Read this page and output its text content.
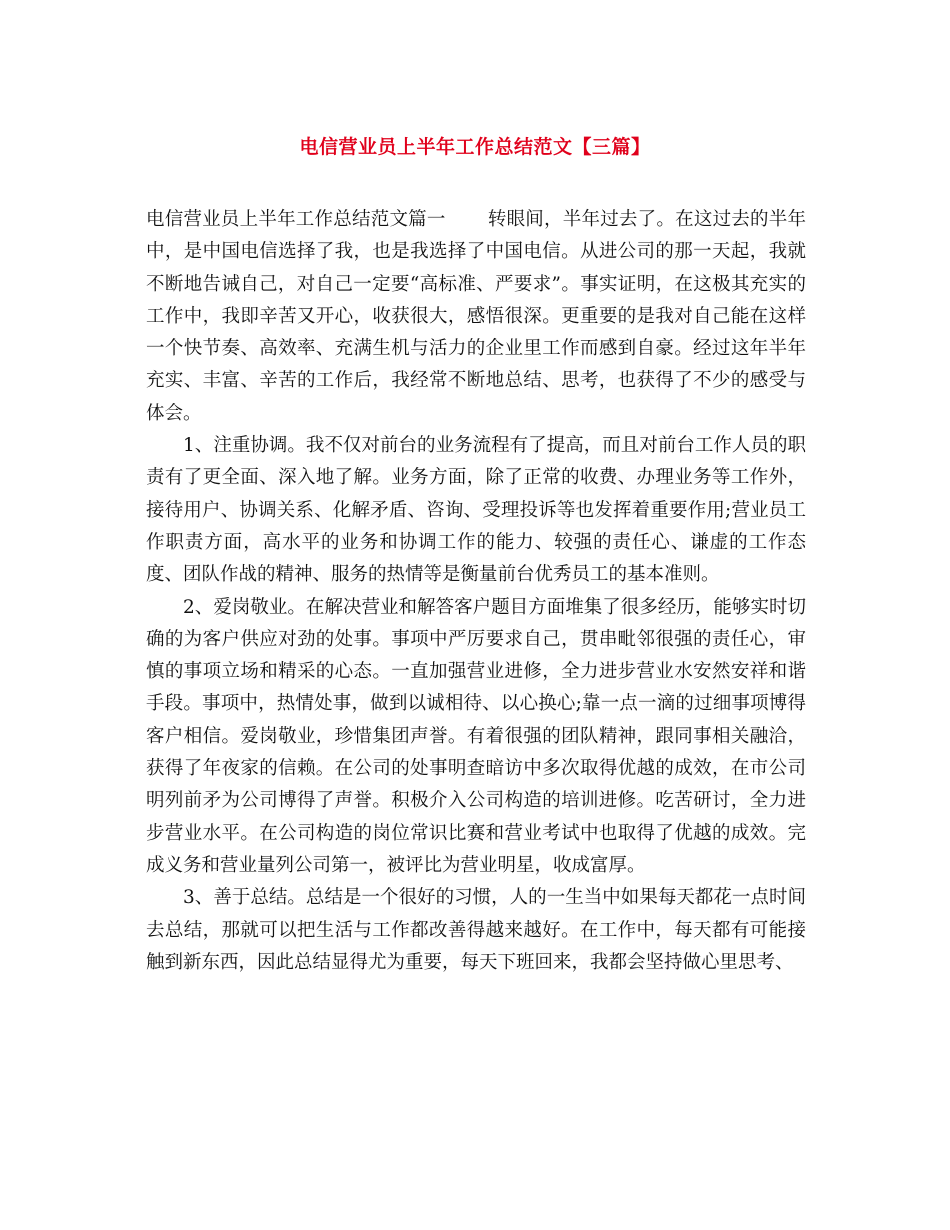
电信营业员上半年工作总结范文【三篇】

电信营业员上半年工作总结范文篇一 转眼间，半年过去了。在这过去的半年中，是中国电信选择了我，也是我选择了中国电信。从进公司的那一天起，我就不断地告诫自己，对自己一定要“高标准、严要求”。事实证明，在这极其充实的工作中，我即辛苦又开心，收获很大，感悟很深。更重要的是我对自己能在这样一个快节奏、高效率、充满生机与活力的企业里工作而感到自豪。经过这年半年充实、丰富、辛苦的工作后，我经常不断地总结、思考，也获得了不少的感受与体会。

1、注重协调。我不仅对前台的业务流程有了提高，而且对前台工作人员的职责有了更全面、深入地了解。业务方面，除了正常的收费、办理业务等工作外，接待用户、协调关系、化解矛盾、咨询、受理投诉等也发挥着重要作用;营业员工作职责方面，高水平的业务和协调工作的能力、较强的责任心、谦虚的工作态度、团队作战的精神、服务的热情等是衡量前台优秀员工的基本准则。

2、爱岗敬业。在解决营业和解答客户题目方面堆集了很多经历，能够实时切确的为客户供应对劲的处事。事项中严厉要求自己，贯串毗邻很强的责任心，审慎的事项立场和精采的心态。一直加强营业进修，全力进步营业水安然安祥和谐手段。事项中，热情处事，做到以诚相待、以心换心;靠一点一滴的过细事项博得客户相信。爱岗敬业，珍惜集团声誉。有着很强的团队精神，跟同事相关融洽，获得了年夜家的信赖。在公司的处事明查暗访中多次取得优越的成效，在市公司明列前矛为公司博得了声誉。积极介入公司构造的培训进修。吃苦研讨，全力进步营业水平。在公司构造的岗位常识比赛和营业考试中也取得了优越的成效。完成义务和营业量列公司第一，被评比为营业明星，收成富厚。

3、善于总结。总结是一个很好的习惯，人的一生当中如果每天都花一点时间去总结，那就可以把生活与工作都改善得越来越好。在工作中，每天都有可能接触到新东西，因此总结显得尤为重要，每天下班回来，我都会坚持做心里思考、
